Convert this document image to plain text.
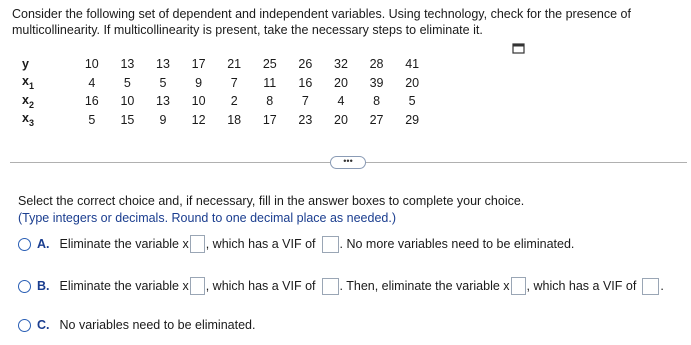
Consider the following set of dependent and independent variables. Using technology, check for the presence of multicollinearity. If multicollinearity is present, take the necessary steps to eliminate it.
y	10	13	13	17	21	25	26	32	28	41
$x_1$	4	5	5	9	7	11	16	20	39	20
$x_2$	16	10	13	10	2	8	7	4	8	5
$x_3$	5	15	9	12	18	17	23	20	27	29
•••
Select the correct choice and, if necessary, fill in the answer boxes to complete your choice.
(Type integers or decimals. Round to one decimal place as needed.)
A. Eliminate the variable x , which has a VIF of . No more variables need to be eliminated.
B. Eliminate the variable x , which has a VIF of . Then, eliminate the variable x , which has a VIF of .
C. No variables need to be eliminated.
